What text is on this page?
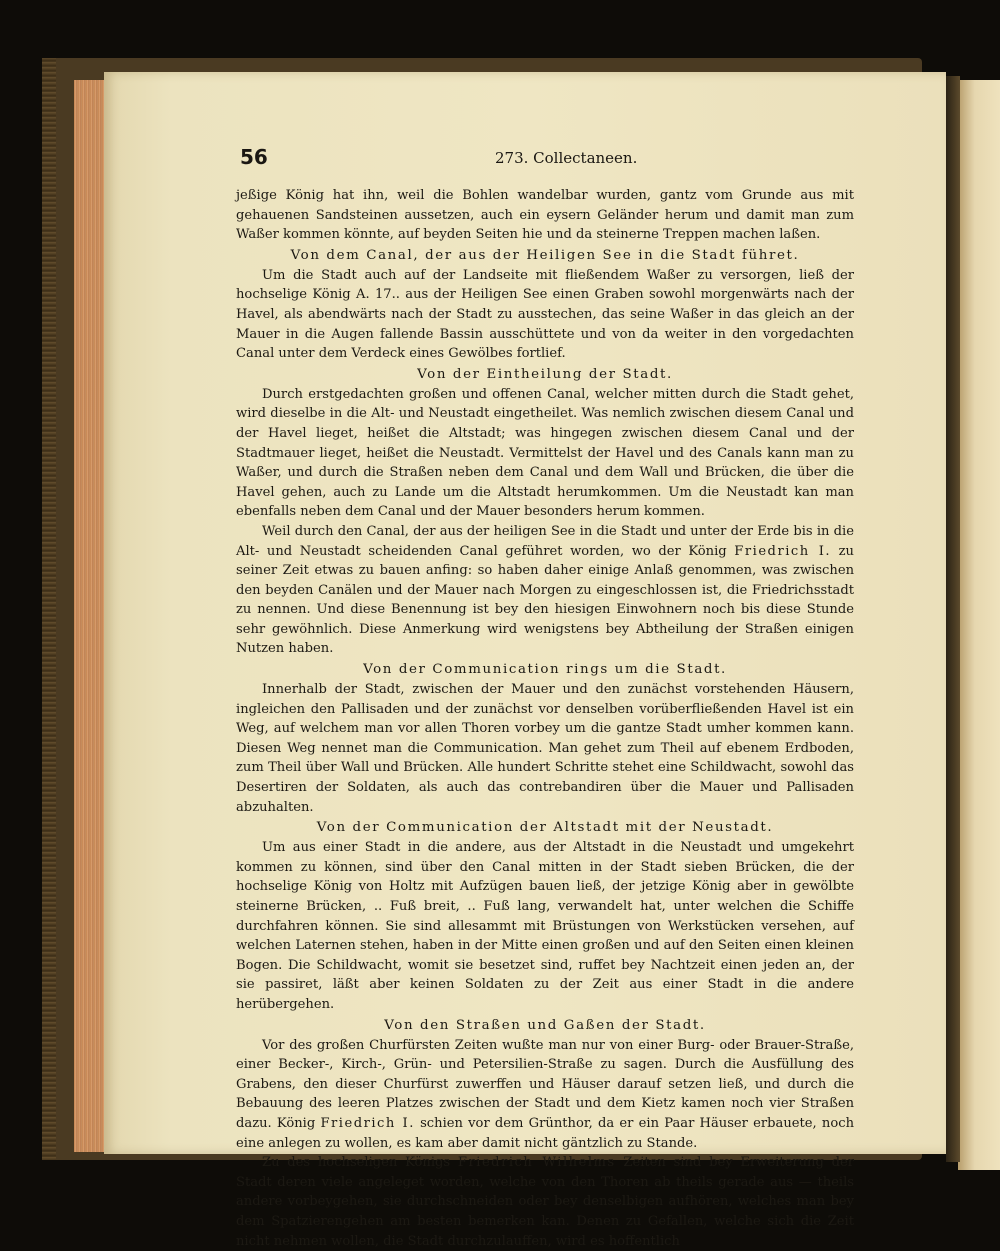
56	273. Collectaneen.

jeßige König hat ihn, weil die Bohlen wandelbar wurden, gantz vom Grunde aus mit gehauenen Sandsteinen aussetzen, auch ein eysern Geländer herum und damit man zum Waßer kommen könnte, auf beyden Seiten hie und da steinerne Treppen machen laßen.

Von dem Canal, der aus der Heiligen See in die Stadt führet.

Um die Stadt auch auf der Landseite mit fließendem Waßer zu versorgen, ließ der hochselige König A. 17.. aus der Heiligen See einen Graben sowohl morgenwärts nach der Havel, als abendwärts nach der Stadt zu ausstechen, das seine Waßer in das gleich an der Mauer in die Augen fallende Bassin ausschüttete und von da weiter in den vorgedachten Canal unter dem Verdeck eines Gewölbes fortlief.

Von der Eintheilung der Stadt.

Durch erstgedachten großen und offenen Canal, welcher mitten durch die Stadt gehet, wird dieselbe in die Alt- und Neustadt eingetheilet. Was nemlich zwischen diesem Canal und der Havel lieget, heißet die Altstadt; was hingegen zwischen diesem Canal und der Stadtmauer lieget, heißet die Neustadt. Vermittelst der Havel und des Canals kann man zu Waßer, und durch die Straßen neben dem Canal und dem Wall und Brücken, die über die Havel gehen, auch zu Lande um die Altstadt herumkommen. Um die Neustadt kan man ebenfalls neben dem Canal und der Mauer besonders herum kommen.

Weil durch den Canal, der aus der heiligen See in die Stadt und unter der Erde bis in die Alt- und Neustadt scheidenden Canal geführet worden, wo der König Friedrich I. zu seiner Zeit etwas zu bauen anfing: so haben daher einige Anlaß genommen, was zwischen den beyden Canälen und der Mauer nach Morgen zu eingeschlossen ist, die Friedrichsstadt zu nennen. Und diese Benennung ist bey den hiesigen Einwohnern noch bis diese Stunde sehr gewöhnlich. Diese Anmerkung wird wenigstens bey Abtheilung der Straßen einigen Nutzen haben.

Von der Communication rings um die Stadt.

Innerhalb der Stadt, zwischen der Mauer und den zunächst vorstehenden Häusern, ingleichen den Pallisaden und der zunächst vor denselben vorüberfließenden Havel ist ein Weg, auf welchem man vor allen Thoren vorbey um die gantze Stadt umher kommen kann. Diesen Weg nennet man die Communication. Man gehet zum Theil auf ebenem Erdboden, zum Theil über Wall und Brücken. Alle hundert Schritte stehet eine Schildwacht, sowohl das Desertiren der Soldaten, als auch das contrebandiren über die Mauer und Pallisaden abzuhalten.

Von der Communication der Altstadt mit der Neustadt.

Um aus einer Stadt in die andere, aus der Altstadt in die Neustadt und umgekehrt kommen zu können, sind über den Canal mitten in der Stadt sieben Brücken, die der hochselige König von Holtz mit Aufzügen bauen ließ, der jetzige König aber in gewölbte steinerne Brücken, .. Fuß breit, .. Fuß lang, verwandelt hat, unter welchen die Schiffe durchfahren können. Sie sind allesammt mit Brüstungen von Werkstücken versehen, auf welchen Laternen stehen, haben in der Mitte einen großen und auf den Seiten einen kleinen Bogen. Die Schildwacht, womit sie besetzet sind, ruffet bey Nachtzeit einen jeden an, der sie passiret, läßt aber keinen Soldaten zu der Zeit aus einer Stadt in die andere herübergehen.

Von den Straßen und Gaßen der Stadt.

Vor des großen Churfürsten Zeiten wußte man nur von einer Burg- oder Brauer-Straße, einer Becker-, Kirch-, Grün- und Petersilien-Straße zu sagen. Durch die Ausfüllung des Grabens, den dieser Churfürst zuwerffen und Häuser darauf setzen ließ, und durch die Bebauung des leeren Platzes zwischen der Stadt und dem Kietz kamen noch vier Straßen dazu. König Friedrich I. schien vor dem Grünthor, da er ein Paar Häuser erbauete, noch eine anlegen zu wollen, es kam aber damit nicht gäntzlich zu Stande.

Zu des hochseligen Königs Friedrich Wilhelms Zeiten sind bey Erweiterung der Stadt deren viele angeleget worden, welche von den Thoren ab theils gerade aus — theils andere vorbeygehen, sie durchschneiden oder bey denselbigen aufhören, welches man bey dem Spatzierengehen am besten bemerken kan. Denen zu Gefallen, welche sich die Zeit nicht nehmen wollen, die Stadt durchzulauffen, wird es hoffentlich
